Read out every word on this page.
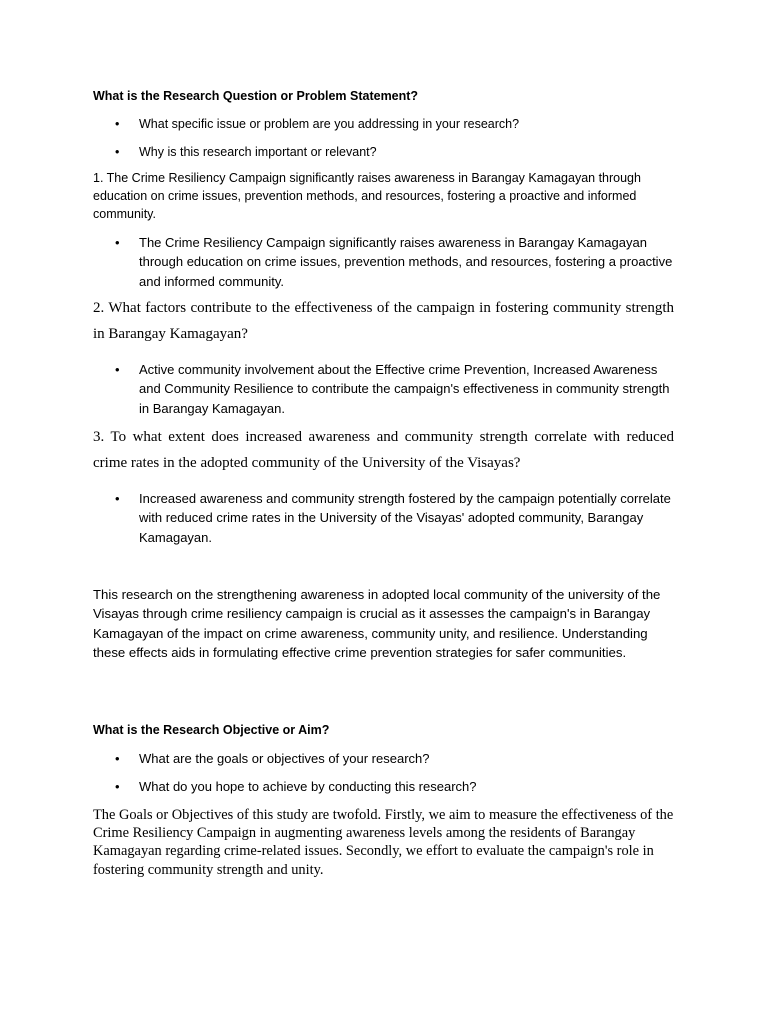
What is the Research Question or Problem Statement?
• What specific issue or problem are you addressing in your research?
• Why is this research important or relevant?
1. The Crime Resiliency Campaign significantly raises awareness in Barangay Kamagayan through education on crime issues, prevention methods, and resources, fostering a proactive and informed community.
• The Crime Resiliency Campaign significantly raises awareness in Barangay Kamagayan through education on crime issues, prevention methods, and resources, fostering a proactive and informed community.
2. What factors contribute to the effectiveness of the campaign in fostering community strength in Barangay Kamagayan?
• Active community involvement about the Effective crime Prevention, Increased Awareness and Community Resilience to contribute the campaign's effectiveness in community strength in Barangay Kamagayan.
3. To what extent does increased awareness and community strength correlate with reduced crime rates in the adopted community of the University of the Visayas?
• Increased awareness and community strength fostered by the campaign potentially correlate with reduced crime rates in the University of the Visayas' adopted community, Barangay Kamagayan.
This research on the strengthening awareness in adopted local community of the university of the Visayas through crime resiliency campaign is crucial as it assesses the campaign's in Barangay Kamagayan of the impact on crime awareness, community unity, and resilience. Understanding these effects aids in formulating effective crime prevention strategies for safer communities.
What is the Research Objective or Aim?
• What are the goals or objectives of your research?
• What do you hope to achieve by conducting this research?
The Goals or Objectives of this study are twofold. Firstly, we aim to measure the effectiveness of the Crime Resiliency Campaign in augmenting awareness levels among the residents of Barangay Kamagayan regarding crime-related issues. Secondly, we effort to evaluate the campaign's role in fostering community strength and unity.
